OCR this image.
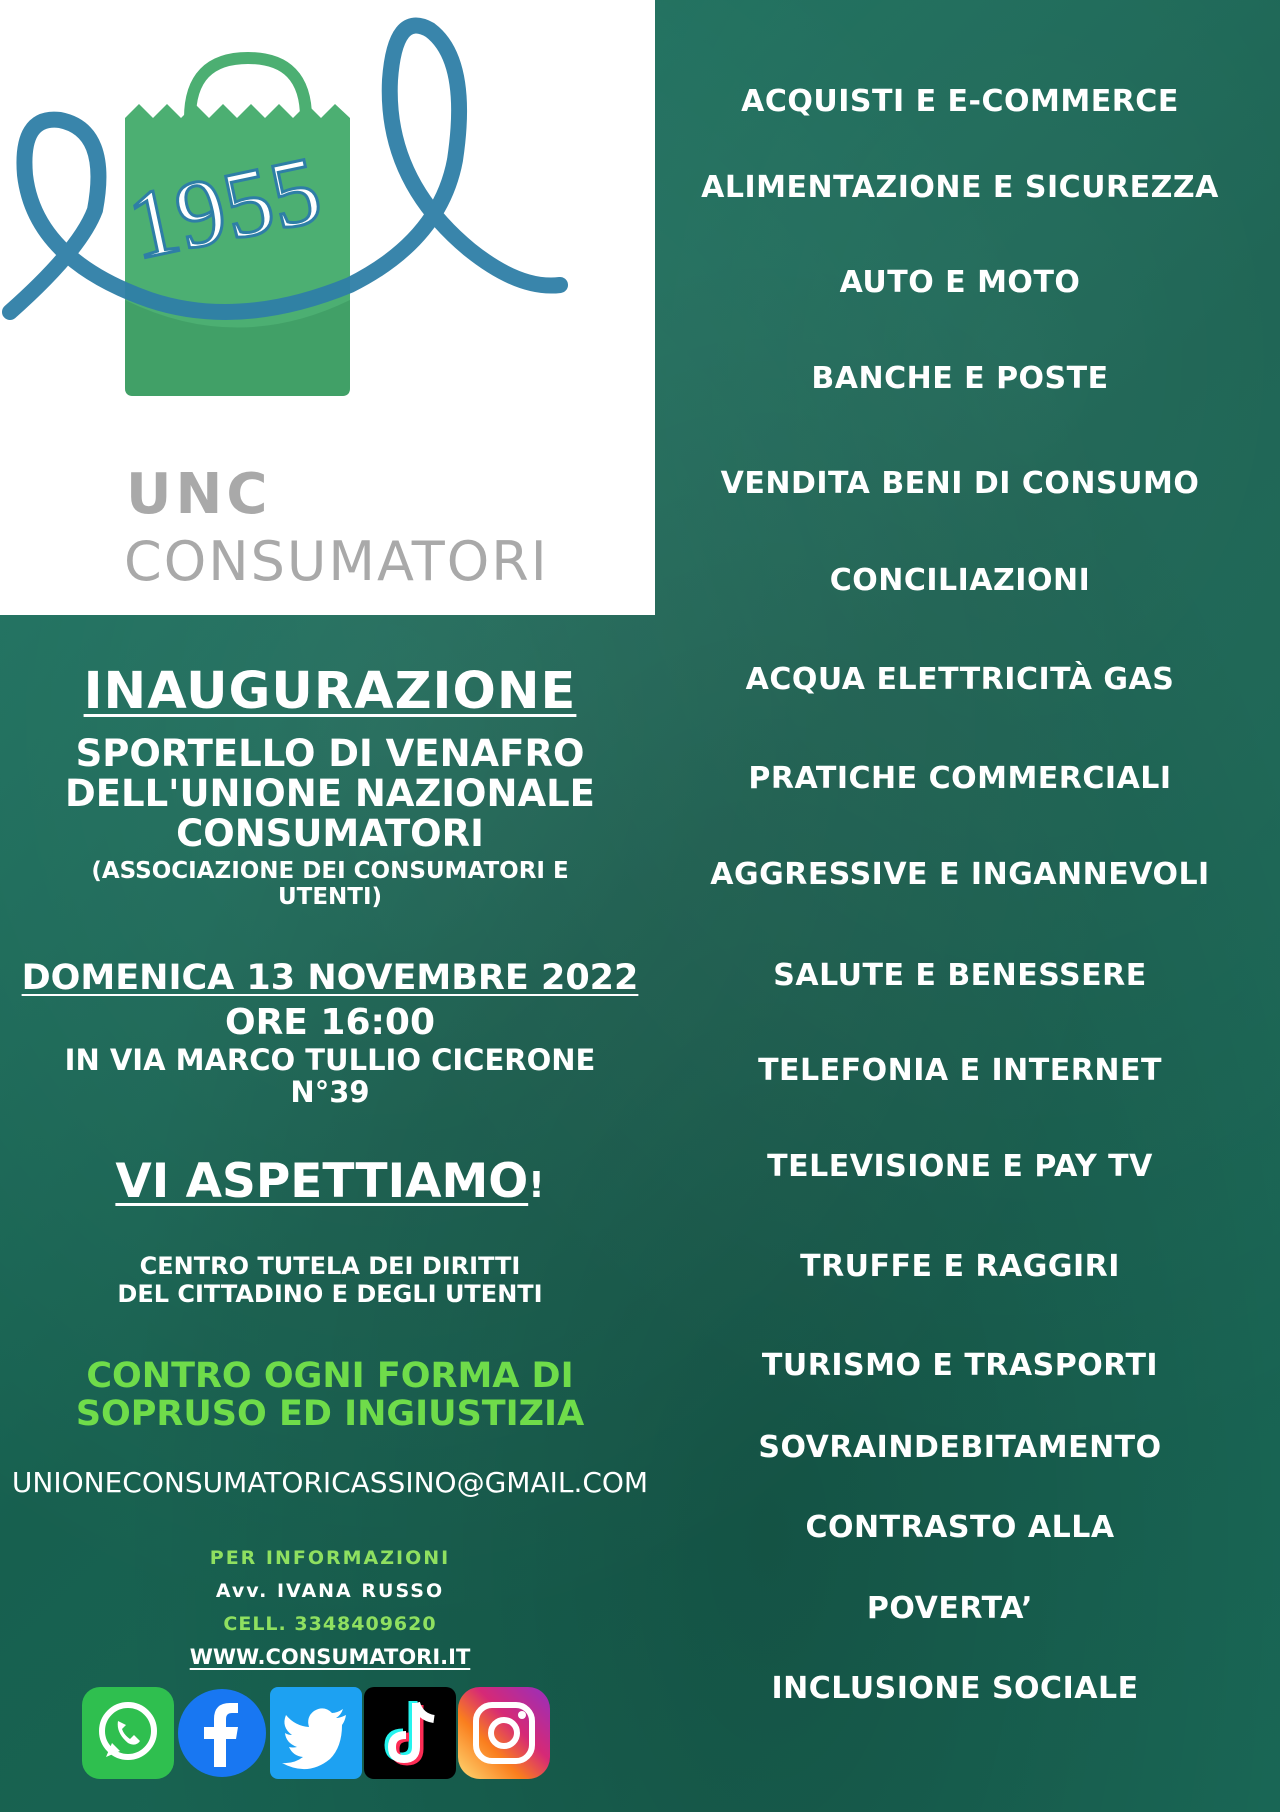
1955
UNC
CONSUMATORI
INAUGURAZIONE
SPORTELLO DI VENAFRO
DELL'UNIONE NAZIONALE
CONSUMATORI
(ASSOCIAZIONE DEI CONSUMATORI E
UTENTI)
DOMENICA 13 NOVEMBRE 2022
ORE 16:00
IN VIA MARCO TULLIO CICERONE
N°39
VI ASPETTIAMO!
CENTRO TUTELA DEI DIRITTI
DEL CITTADINO E DEGLI UTENTI
CONTRO OGNI FORMA DI
SOPRUSO ED INGIUSTIZIA
UNIONECONSUMATORICASSINO@GMAIL.COM
PER INFORMAZIONI
Avv. IVANA RUSSO
CELL. 3348409620
WWW.CONSUMATORI.IT
ACQUISTI E E-COMMERCE
ALIMENTAZIONE E SICUREZZA
AUTO E MOTO
BANCHE E POSTE
VENDITA BENI DI CONSUMO
CONCILIAZIONI
ACQUA ELETTRICITÀ GAS
PRATICHE COMMERCIALI
AGGRESSIVE E INGANNEVOLI
SALUTE E BENESSERE
TELEFONIA E INTERNET
TELEVISIONE E PAY TV
TRUFFE E RAGGIRI
TURISMO E TRASPORTI
SOVRAINDEBITAMENTO
CONTRASTO ALLA
POVERTA’
INCLUSIONE SOCIALE
